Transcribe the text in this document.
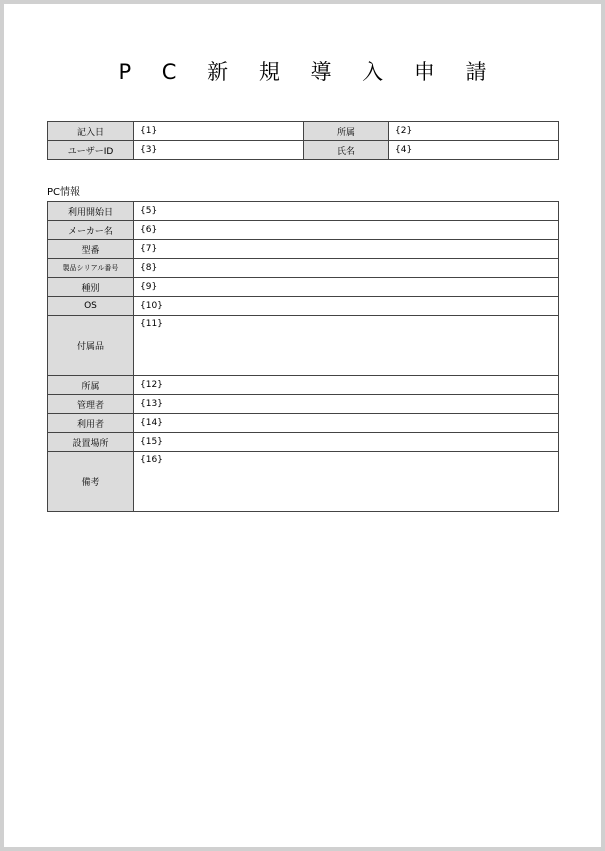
P C 新 規 導 入 申 請
記入日	{1}	所属	{2}
ユーザーID	{3}	氏名	{4}
PC情報
利用開始日	{5}
メーカー名	{6}
型番	{7}
製品シリアル番号	{8}
種別	{9}
OS	{10}
付属品	{11}
所属	{12}
管理者	{13}
利用者	{14}
設置場所	{15}
備考	{16}
